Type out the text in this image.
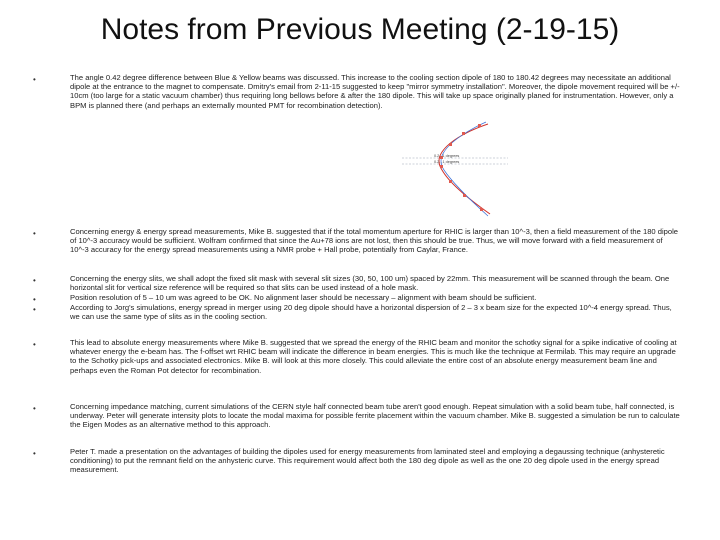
Notes from Previous Meeting (2-19-15)
•	The angle 0.42 degree difference between Blue & Yellow beams was discussed. This increase to the cooling section dipole of 180 to 180.42 degrees may necessitate an additional dipole at the entrance to the magnet to compensate. Dmitry's email from 2-11-15 suggested to keep "mirror symmetry installation". Moreover, the dipole movement required will be +/- 10cm (too large for a static vacuum chamber) thus requiring long bellows before & after the 180 dipole. This will take up space originally planed for instrumentation. However, only a BPM is planned there (and perhaps an externally mounted PMT for recombination detection).

0.2...1 degrees
0.2...1 degrees
•	Concerning energy & energy spread measurements, Mike B. suggested that if the total momentum aperture for RHIC is larger than 10^-3, then a field measurement of the 180 dipole of 10^-3 accuracy would be sufficient. Wolfram confirmed that since the Au+78 ions are not lost, then this should be true. Thus, we will move forward with a field measurement of 10^-3 accuracy for the energy spread measurements using a NMR probe + Hall probe, potentially from Caylar, France.

•	Concerning the energy slits, we shall adopt the fixed slit mask with several slit sizes (30, 50, 100 um) spaced by 22mm. This measurement will be scanned through the beam. One horizontal slit for vertical size reference will be required so that slits can be used instead of a hole mask.

•	Position resolution of 5 – 10 um was agreed to be OK. No alignment laser should be necessary – alignment with beam should be sufficient.

•	According to Jorg's simulations, energy spread in merger using 20 deg dipole should have a horizontal dispersion of 2 – 3 x beam size for the expected 10^-4 energy spread. Thus, we can use the same type of slits as in the cooling section.

•	This lead to absolute energy measurements where Mike B. suggested that we spread the energy of the RHIC beam and monitor the schotky signal for a spike indicative of cooling at whatever energy the e-beam has. The f-offset wrt RHIC beam will indicate the difference in beam energies. This is much like the technique at Fermilab. This may require an upgrade to the Schotky pick-ups and associated electronics. Mike B. will look at this more closely. This could alleviate the entire cost of an absolute energy measurement beam line and perhaps even the Roman Pot detector for recombination.

•	Concerning impedance matching, current simulations of the CERN style half connected beam tube aren't good enough. Repeat simulation with a solid beam tube, half connected, is underway. Peter will generate intensity plots to locate the modal maxima for possible ferrite placement within the vacuum chamber. Mike B. suggested a simulation be run to calculate the Eigen Modes as an alternative method to this approach.

•	Peter T. made a presentation on the advantages of building the dipoles used for energy measurements from laminated steel and employing a degaussing technique (anhysteretic conditioning) to put the remnant field on the anhysteric curve. This requirement would affect both the 180 deg dipole as well as the one 20 deg dipole used in the energy spread measurement.
